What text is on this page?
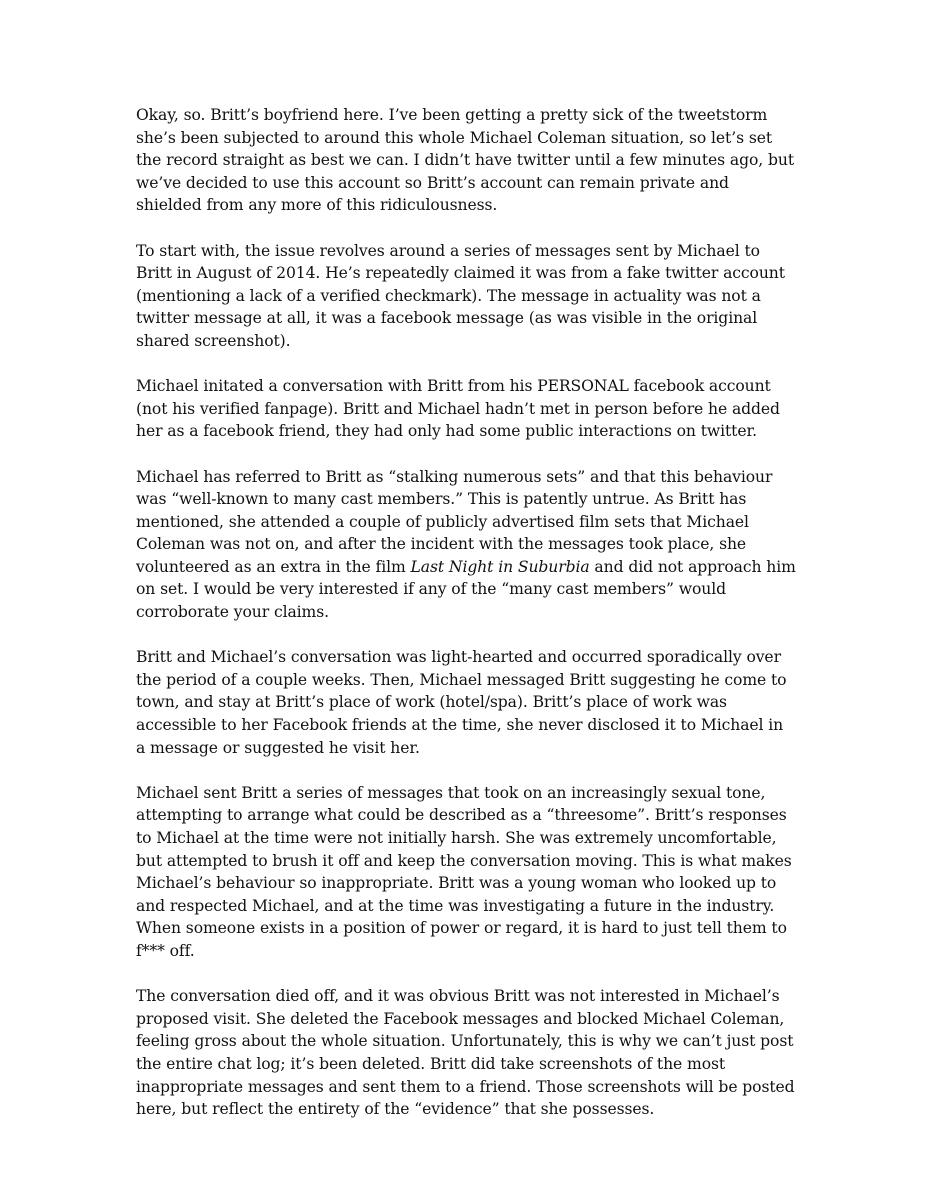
Okay, so. Britt’s boyfriend here. I’ve been getting a pretty sick of the tweetstorm she’s been subjected to around this whole Michael Coleman situation, so let’s set the record straight as best we can. I didn’t have twitter until a few minutes ago, but we’ve decided to use this account so Britt’s account can remain private and shielded from any more of this ridiculousness.

To start with, the issue revolves around a series of messages sent by Michael to Britt in August of 2014. He’s repeatedly claimed it was from a fake twitter account (mentioning a lack of a verified checkmark). The message in actuality was not a twitter message at all, it was a facebook message (as was visible in the original shared screenshot).

Michael initated a conversation with Britt from his PERSONAL facebook account (not his verified fanpage). Britt and Michael hadn’t met in person before he added her as a facebook friend, they had only had some public interactions on twitter.

Michael has referred to Britt as “stalking numerous sets” and that this behaviour was “well-known to many cast members.” This is patently untrue. As Britt has mentioned, she attended a couple of publicly advertised film sets that Michael Coleman was not on, and after the incident with the messages took place, she volunteered as an extra in the film Last Night in Suburbia and did not approach him on set. I would be very interested if any of the “many cast members” would corroborate your claims.

Britt and Michael’s conversation was light-hearted and occurred sporadically over the period of a couple weeks. Then, Michael messaged Britt suggesting he come to town, and stay at Britt’s place of work (hotel/spa). Britt’s place of work was accessible to her Facebook friends at the time, she never disclosed it to Michael in a message or suggested he visit her.

Michael sent Britt a series of messages that took on an increasingly sexual tone, attempting to arrange what could be described as a “threesome”. Britt’s responses to Michael at the time were not initially harsh. She was extremely uncomfortable, but attempted to brush it off and keep the conversation moving. This is what makes Michael’s behaviour so inappropriate. Britt was a young woman who looked up to and respected Michael, and at the time was investigating a future in the industry. When someone exists in a position of power or regard, it is hard to just tell them to f*** off.

The conversation died off, and it was obvious Britt was not interested in Michael’s proposed visit. She deleted the Facebook messages and blocked Michael Coleman, feeling gross about the whole situation. Unfortunately, this is why we can’t just post the entire chat log; it’s been deleted. Britt did take screenshots of the most inappropriate messages and sent them to a friend. Those screenshots will be posted here, but reflect the entirety of the “evidence” that she possesses.
